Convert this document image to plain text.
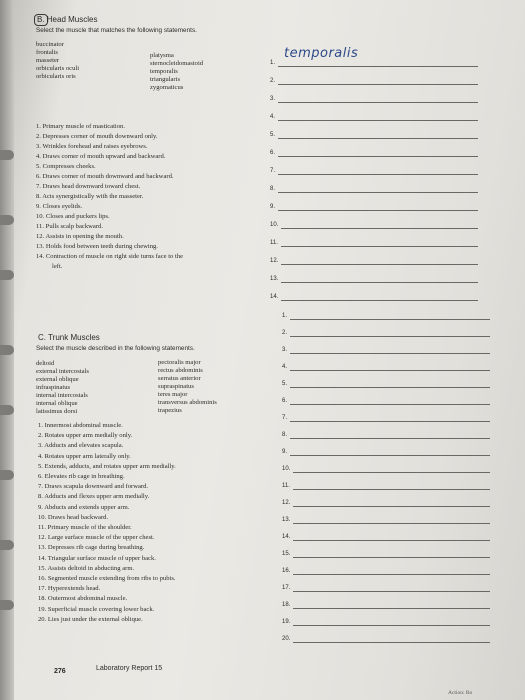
B. Head Muscles
Select the muscle that matches the following statements.
buccinator
frontalis
masseter
orbicularis oculi
orbicularis oris
platysma
sternocleidomastoid
temporalis
triangularis
zygomaticus
1. Primary muscle of mastication.
2. Depresses corner of mouth downward only.
3. Wrinkles forehead and raises eyebrows.
4. Draws corner of mouth upward and backward.
5. Compresses cheeks.
6. Draws corner of mouth downward and backward.
7. Draws head downward toward chest.
8. Acts synergistically with the masseter.
9. Closes eyelids.
10. Closes and puckers lips.
11. Pulls scalp backward.
12. Assists in opening the mouth.
13. Holds food between teeth during chewing.
14. Contraction of muscle on right side turns face to the
left.
1.
temporalis
2.
3.
4.
5.
6.
7.
8.
9.
10.
11.
12.
13.
14.
C. Trunk Muscles
Select the muscle described in the following statements.
deltoid
external intercostals
external oblique
infraspinatus
internal intercostals
internal oblique
latissimus dorsi
pectoralis major
rectus abdominis
serratus anterior
supraspinatus
teres major
transversus abdominis
trapezius
1. Innermost abdominal muscle.
2. Rotates upper arm medially only.
3. Adducts and elevates scapula.
4. Rotates upper arm laterally only.
5. Extends, adducts, and rotates upper arm medially.
6. Elevates rib cage in breathing.
7. Draws scapula downward and forward.
8. Adducts and flexes upper arm medially.
9. Abducts and extends upper arm.
10. Draws head backward.
11. Primary muscle of the shoulder.
12. Large surface muscle of the upper chest.
13. Depresses rib cage during breathing.
14. Triangular surface muscle of upper back.
15. Assists deltoid in abducting arm.
16. Segmented muscle extending from ribs to pubis.
17. Hyperextends head.
18. Outermost abdominal muscle.
19. Superficial muscle covering lower back.
20. Lies just under the external oblique.
1.
2.
3.
4.
5.
6.
7.
8.
9.
10.
11.
12.
13.
14.
15.
16.
17.
18.
19.
20.
276	Laboratory Report 15
Action: Ro
